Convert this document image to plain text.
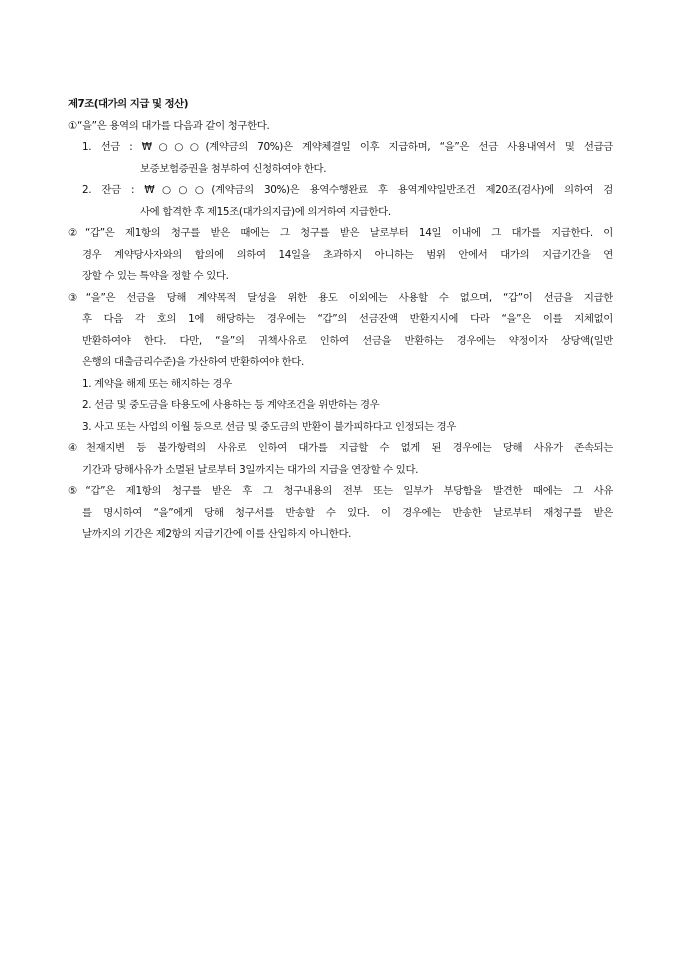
제7조(대가의 지급 및 정산)
①“을”은 용역의 대가를 다음과 같이 청구한다.
1. 선금 : ₩○○○(계약금의 70%)은 계약체결일 이후 지급하며, “을”은 선금 사용내역서 및 선급금
보증보험증권을 첨부하여 신청하여야 한다.
2. 잔금 : ₩○○○(계약금의 30%)은 용역수행완료 후 용역계약일반조건 제20조(검사)에 의하여 검
사에 합격한 후 제15조(대가의지급)에 의거하여 지급한다.
②“갑”은 제1항의 청구를 받은 때에는 그 청구를 받은 날로부터 14일 이내에 그 대가를 지급한다. 이
경우 계약당사자와의 합의에 의하여 14일을 초과하지 아니하는 범위 안에서 대가의 지급기간을 연
장할 수 있는 특약을 정할 수 있다.
③“을”은 선금을 당해 계약목적 달성을 위한 용도 이외에는 사용할 수 없으며, “갑”이 선금을 지급한
후 다음 각 호의 1에 해당하는 경우에는 “갑”의 선금잔액 반환지시에 다라 “을”은 이를 지체없이
반환하여야 한다. 다만, “을”의 귀책사유로 인하여 선금을 반환하는 경우에는 약정이자 상당액(일반
은행의 대출금리수준)을 가산하여 반환하여야 한다.
1. 계약을 해제 또는 해지하는 경우
2. 선금 및 중도금을 타용도에 사용하는 등 계약조건을 위반하는 경우
3. 사고 또는 사업의 이월 등으로 선금 및 중도금의 반환이 불가피하다고 인정되는 경우
④천재지변 등 불가항력의 사유로 인하여 대가를 지급할 수 없게 된 경우에는 당해 사유가 존속되는
기간과 당해사유가 소멸된 날로부터 3일까지는 대가의 지급을 연장할 수 있다.
⑤“갑”은 제1항의 청구를 받은 후 그 청구내용의 전부 또는 일부가 부당함을 발견한 때에는 그 사유
를 명시하여 “을”에게 당해 청구서를 반송할 수 있다. 이 경우에는 반송한 날로부터 재청구를 받은
날까지의 기간은 제2항의 지급기간에 이를 산입하지 아니한다.
